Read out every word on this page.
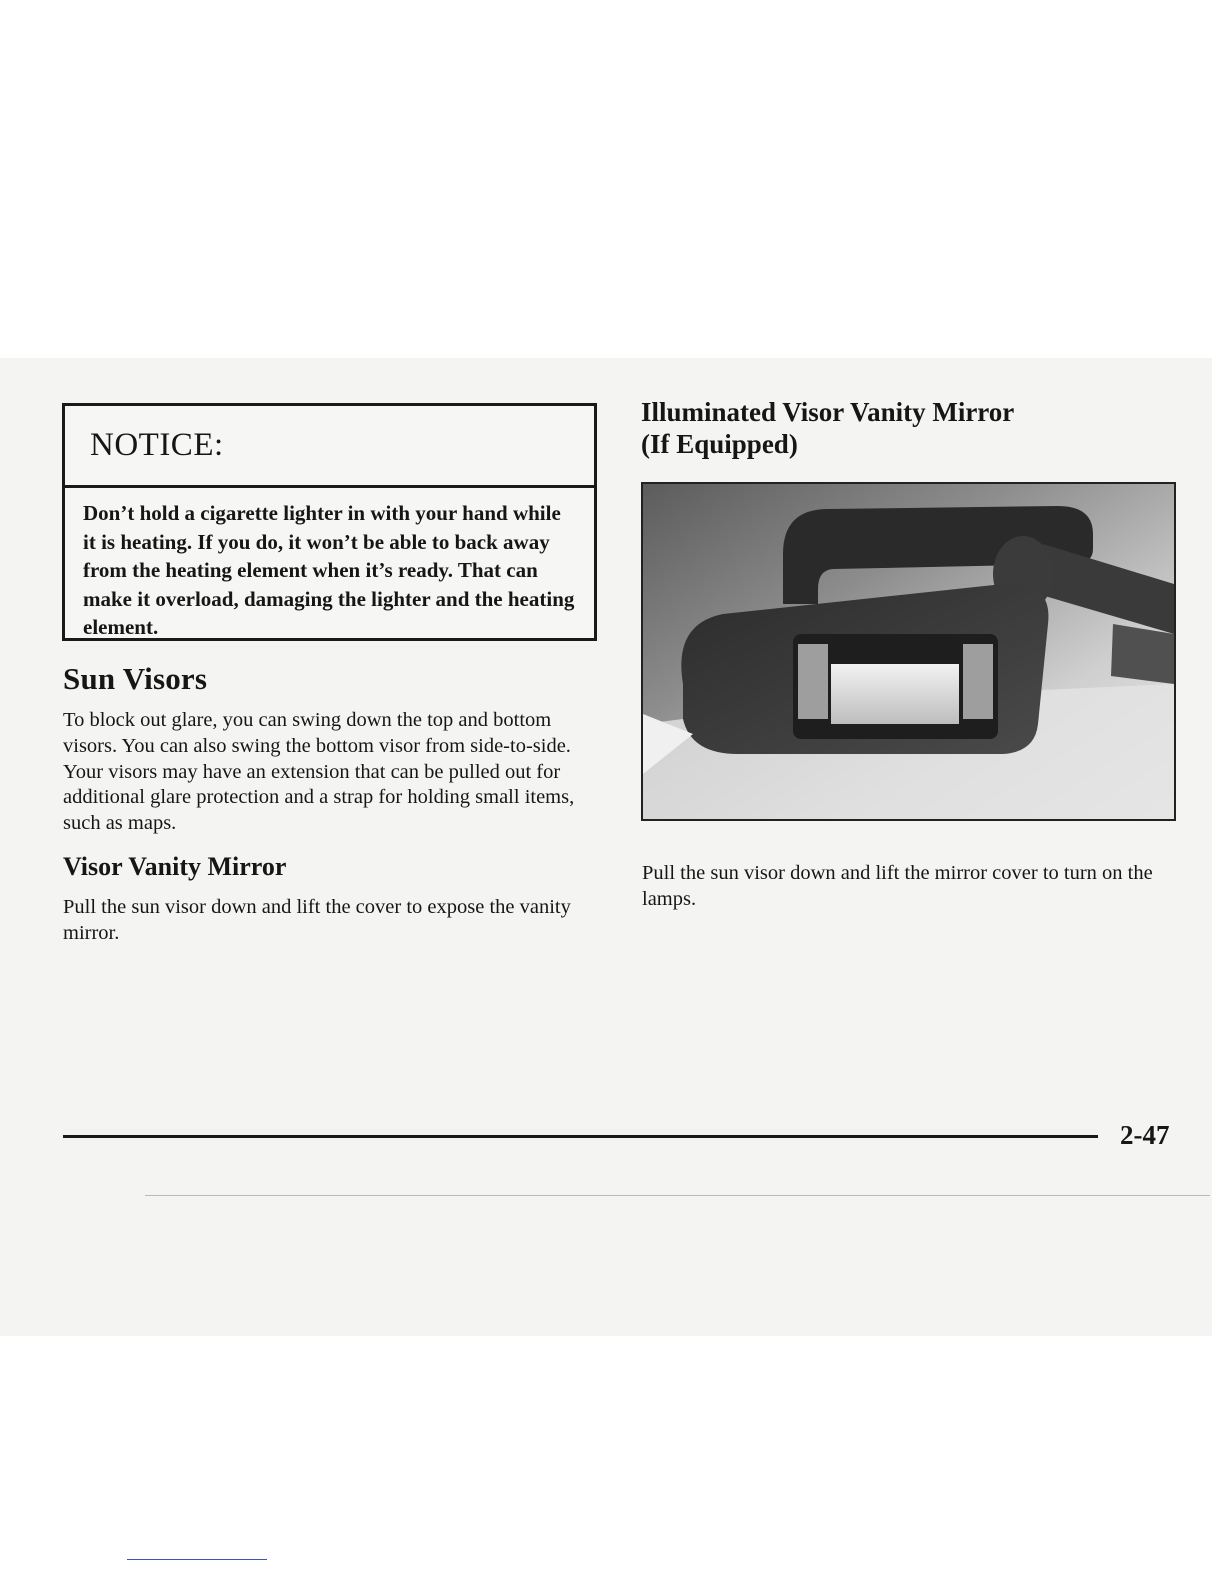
NOTICE:

Don’t hold a cigarette lighter in with your hand while it is heating. If you do, it won’t be able to back away from the heating element when it’s ready. That can make it overload, damaging the lighter and the heating element.

Sun Visors

To block out glare, you can swing down the top and bottom visors. You can also swing the bottom visor from side-to-side. Your visors may have an extension that can be pulled out for additional glare protection and a strap for holding small items, such as maps.

Visor Vanity Mirror

Pull the sun visor down and lift the cover to expose the vanity mirror.

Illuminated Visor Vanity Mirror
(If Equipped)

Pull the sun visor down and lift the mirror cover to turn on the lamps.

2-47
